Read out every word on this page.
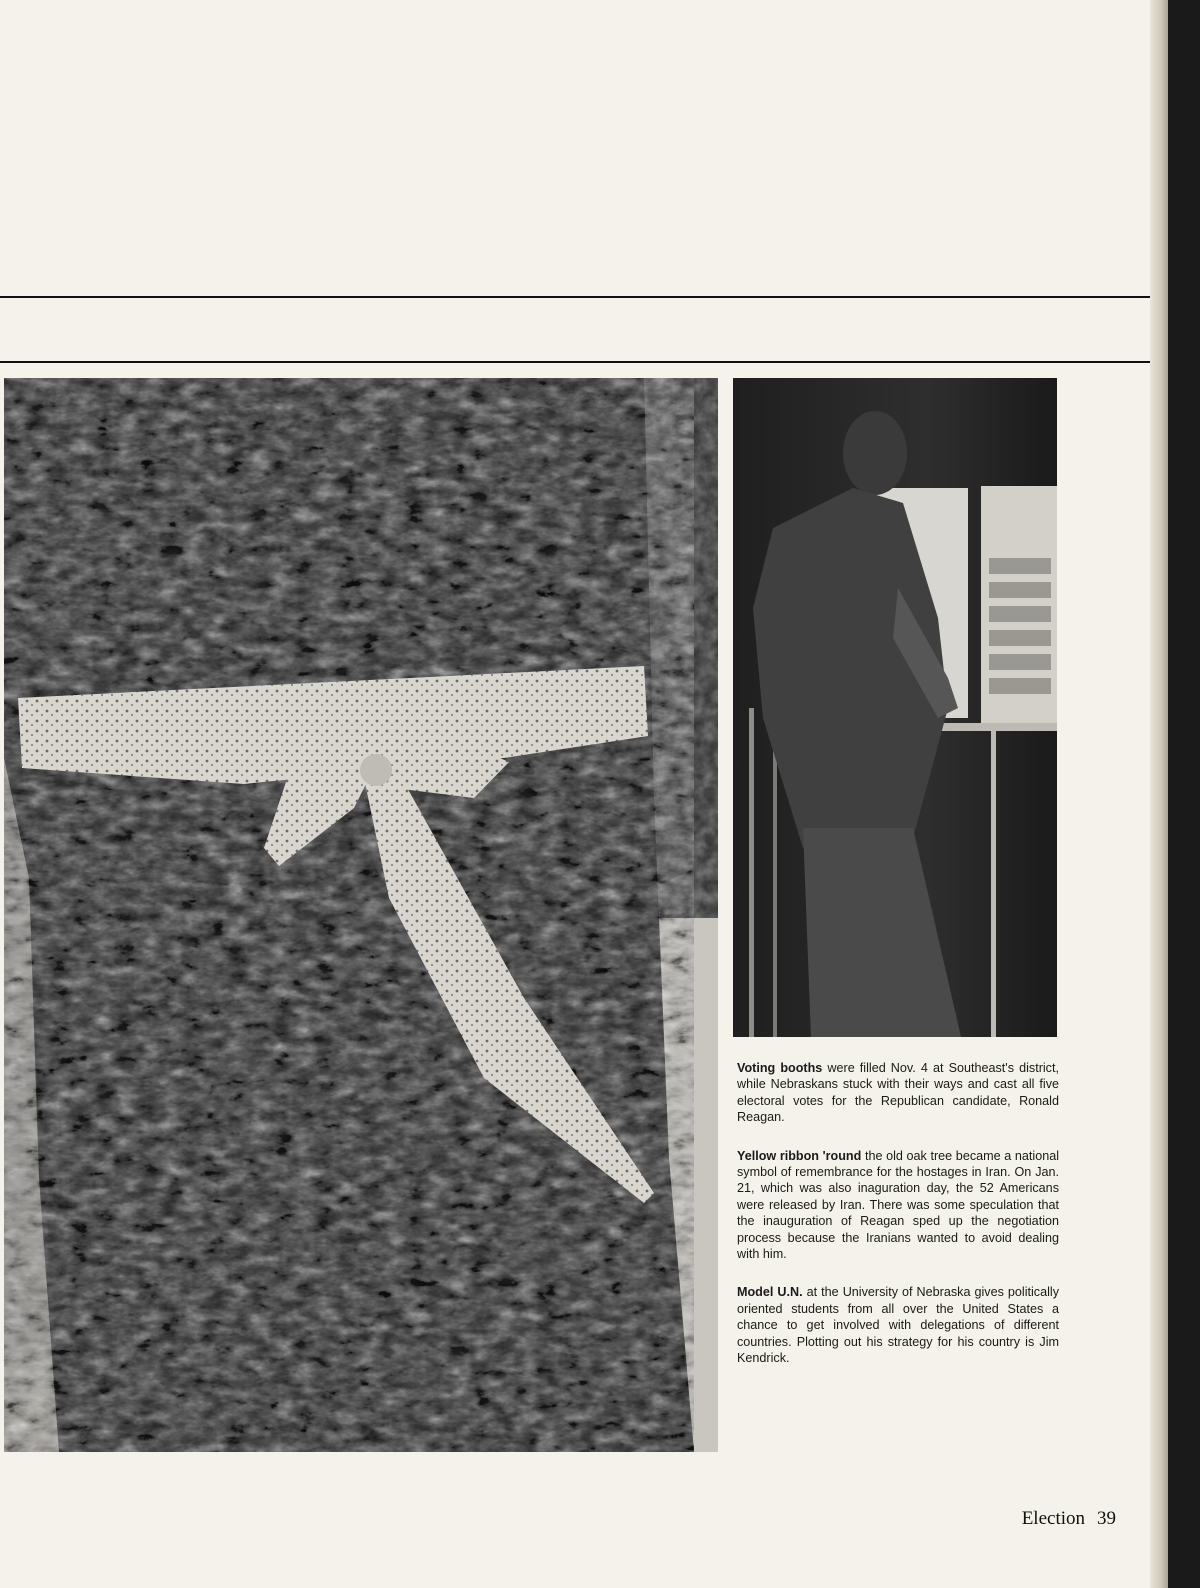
Voting booths were filled Nov. 4 at Southeast's district, while Nebraskans stuck with their ways and cast all five electoral votes for the Republican candidate, Ronald Reagan.

Yellow ribbon 'round the old oak tree became a national symbol of remembrance for the hostages in Iran. On Jan. 21, which was also inaguration day, the 52 Americans were released by Iran. There was some speculation that the inauguration of Reagan sped up the negotiation process because the Iranians wanted to avoid dealing with him.

Model U.N. at the University of Nebraska gives politically oriented students from all over the United States a chance to get involved with delegations of different countries. Plotting out his strategy for his country is Jim Kendrick.

Election 39
